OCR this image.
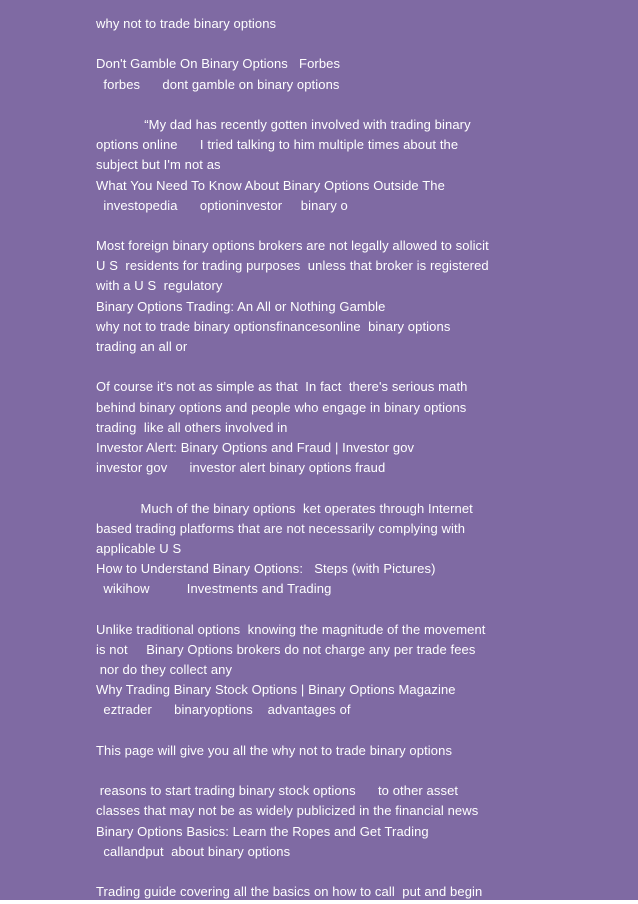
why not to trade binary options
Don't Gamble On Binary Options   Forbes
forbes      dont gamble on binary options
“My dad has recently gotten involved with trading binary
options online      I tried talking to him multiple times about the
subject but I'm not as
What You Need To Know About Binary Options Outside The
investopedia      optioninvestor     binary o
Most foreign binary options brokers are not legally allowed to solicit
U S  residents for trading purposes  unless that broker is registered
with a U S  regulatory
Binary Options Trading: An All or Nothing Gamble
why not to trade binary optionsfinancesonline  binary options
trading an all or
Of course it's not as simple as that  In fact  there's serious math
behind binary options and people who engage in binary options
trading  like all others involved in
Investor Alert: Binary Options and Fraud | Investor gov
investor gov      investor alert binary options fraud
Much of the binary options  ket operates through Internet
based trading platforms that are not necessarily complying with
applicable U S
How to Understand Binary Options:   Steps (with Pictures)
wikihow          Investments and Trading
Unlike traditional options  knowing the magnitude of the movement
is not     Binary Options brokers do not charge any per trade fees
nor do they collect any
Why Trading Binary Stock Options | Binary Options Magazine
eztrader      binaryoptions    advantages of
This page will give you all the why not to trade binary options
reasons to start trading binary stock options      to other asset
classes that may not be as widely publicized in the financial news
Binary Options Basics: Learn the Ropes and Get Trading
callandput  about binary options
Trading guide covering all the basics on how to call  put and begin
